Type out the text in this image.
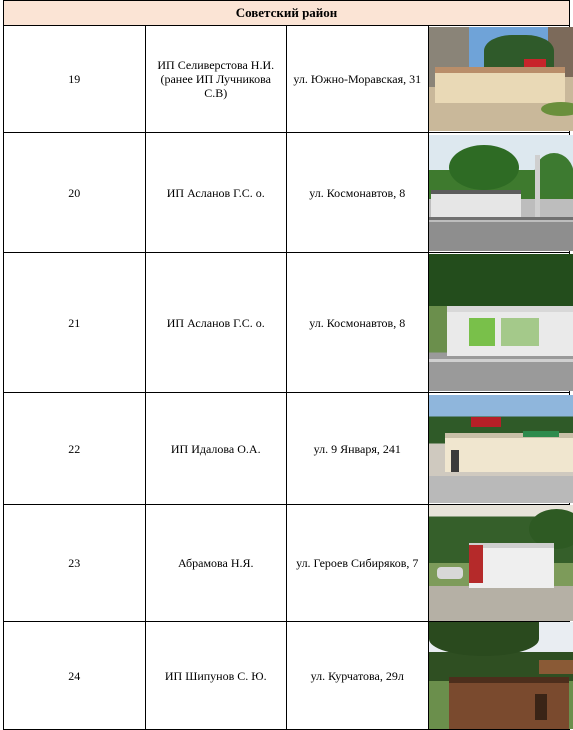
Советский район			
19	ИП Селиверстова Н.И. (ранее ИП Лучникова С.В)	ул. Южно-Моравская, 31	

20	ИП Асланов Г.С. о.	ул. Космонавтов, 8	

21	ИП Асланов Г.С. о.	ул. Космонавтов, 8	

22	ИП Идалова О.А.	ул. 9 Января, 241	

23	Абрамова Н.Я.	ул. Героев Сибиряков, 7	

24	ИП Шипунов С. Ю.	ул. Курчатова, 29л	
